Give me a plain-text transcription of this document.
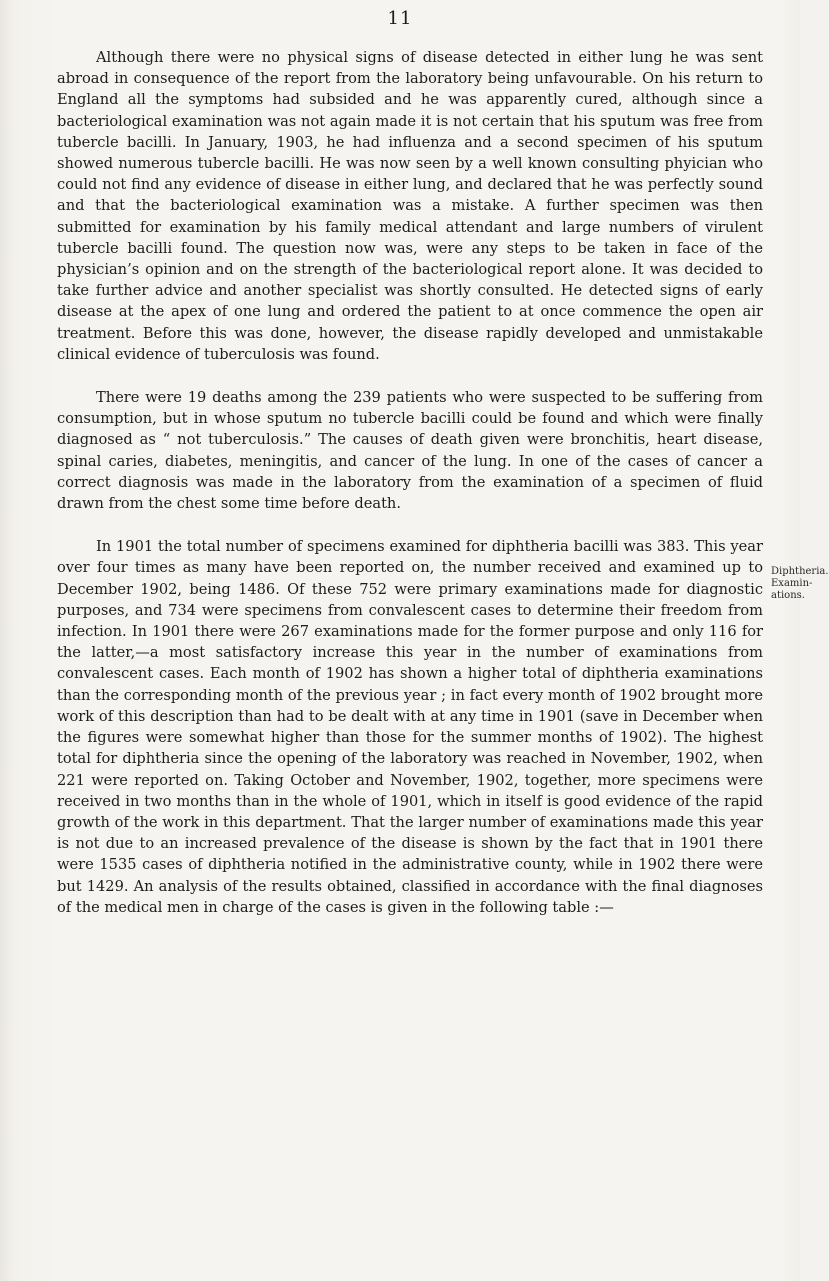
11

Although there were no physical signs of disease detected in either lung he was sent abroad in consequence of the report from the laboratory being unfavourable. On his return to England all the symptoms had subsided and he was apparently cured, although since a bacteriological examination was not again made it is not certain that his sputum was free from tubercle bacilli. In January, 1903, he had influenza and a second specimen of his sputum showed numerous tubercle bacilli. He was now seen by a well known consulting phyician who could not find any evidence of disease in either lung, and declared that he was perfectly sound and that the bacteriological examination was a mistake. A further specimen was then submitted for examination by his family medical attendant and large numbers of virulent tubercle bacilli found. The question now was, were any steps to be taken in face of the physician’s opinion and on the strength of the bacteriological report alone. It was decided to take further advice and another specialist was shortly consulted. He detected signs of early disease at the apex of one lung and ordered the patient to at once commence the open air treatment. Before this was done, however, the disease rapidly developed and unmistakable clinical evidence of tuberculosis was found.

There were 19 deaths among the 239 patients who were suspected to be suffering from consumption, but in whose sputum no tubercle bacilli could be found and which were finally diagnosed as “ not tuberculosis.” The causes of death given were bronchitis, heart disease, spinal caries, diabetes, meningitis, and cancer of the lung. In one of the cases of cancer a correct diagnosis was made in the laboratory from the examination of a specimen of fluid drawn from the chest some time before death.

In 1901 the total number of specimens examined for diphtheria bacilli was 383. This year over four times as many have been reported on, the number received and examined up to December 1902, being 1486. Of these 752 were primary examinations made for diagnostic purposes, and 734 were specimens from convalescent cases to determine their freedom from infection. In 1901 there were 267 examinations made for the former purpose and only 116 for the latter,—a most satisfactory increase this year in the number of examinations from convalescent cases. Each month of 1902 has shown a higher total of diphtheria examinations than the corresponding month of the previous year ; in fact every month of 1902 brought more work of this description than had to be dealt with at any time in 1901 (save in December when the figures were somewhat higher than those for the summer months of 1902). The highest total for diphtheria since the opening of the laboratory was reached in November, 1902, when 221 were reported on. Taking October and November, 1902, together, more specimens were received in two months than in the whole of 1901, which in itself is good evidence of the rapid growth of the work in this department. That the larger number of examinations made this year is not due to an increased prevalence of the disease is shown by the fact that in 1901 there were 1535 cases of diphtheria notified in the administrative county, while in 1902 there were but 1429. An analysis of the results obtained, classified in accordance with the final diagnoses of the medical men in charge of the cases is given in the following table :—

Diphtheria.
Examin-
ations.
